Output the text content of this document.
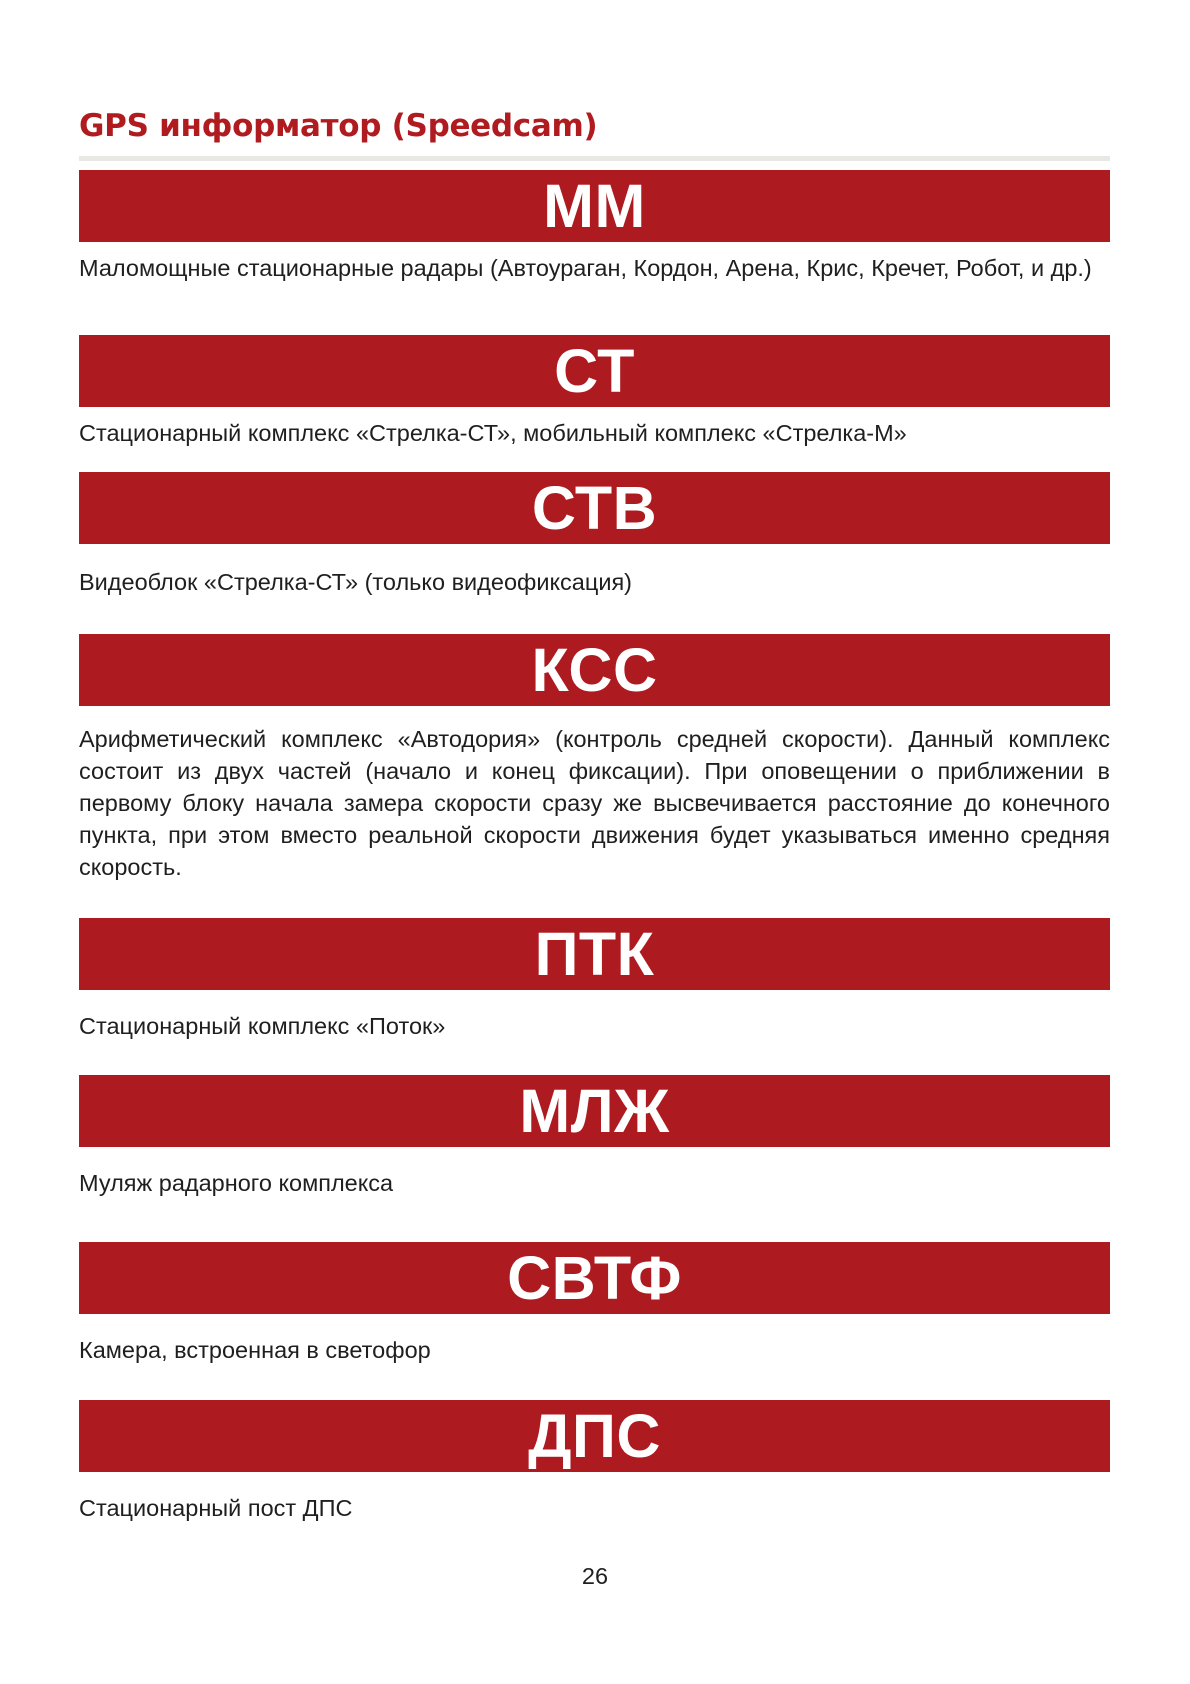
GPS информатор (Speedcam)
ММ

Маломощные стационарные радары (Автоураган, Кордон, Арена, Крис, Кречет, Робот, и др.)

СТ

Стационарный комплекс «Стрелка-СТ», мобильный комплекс «Стрелка-М»

СТВ

Видеоблок «Стрелка-СТ» (только видеофиксация)

КСС

Арифметический комплекс «Автодория» (контроль средней скорости). Данный комплекс состоит из двух частей (начало и конец фиксации). При оповещении о приближении в первому блоку начала замера скорости сразу же высвечивается расстояние до конечного пункта, при этом вместо реальной скорости движения будет указываться именно средняя скорость.

ПТК

Стационарный комплекс «Поток»

МЛЖ

Муляж радарного комплекса

СВТФ

Камера, встроенная в светофор

ДПС

Стационарный пост ДПС

26
